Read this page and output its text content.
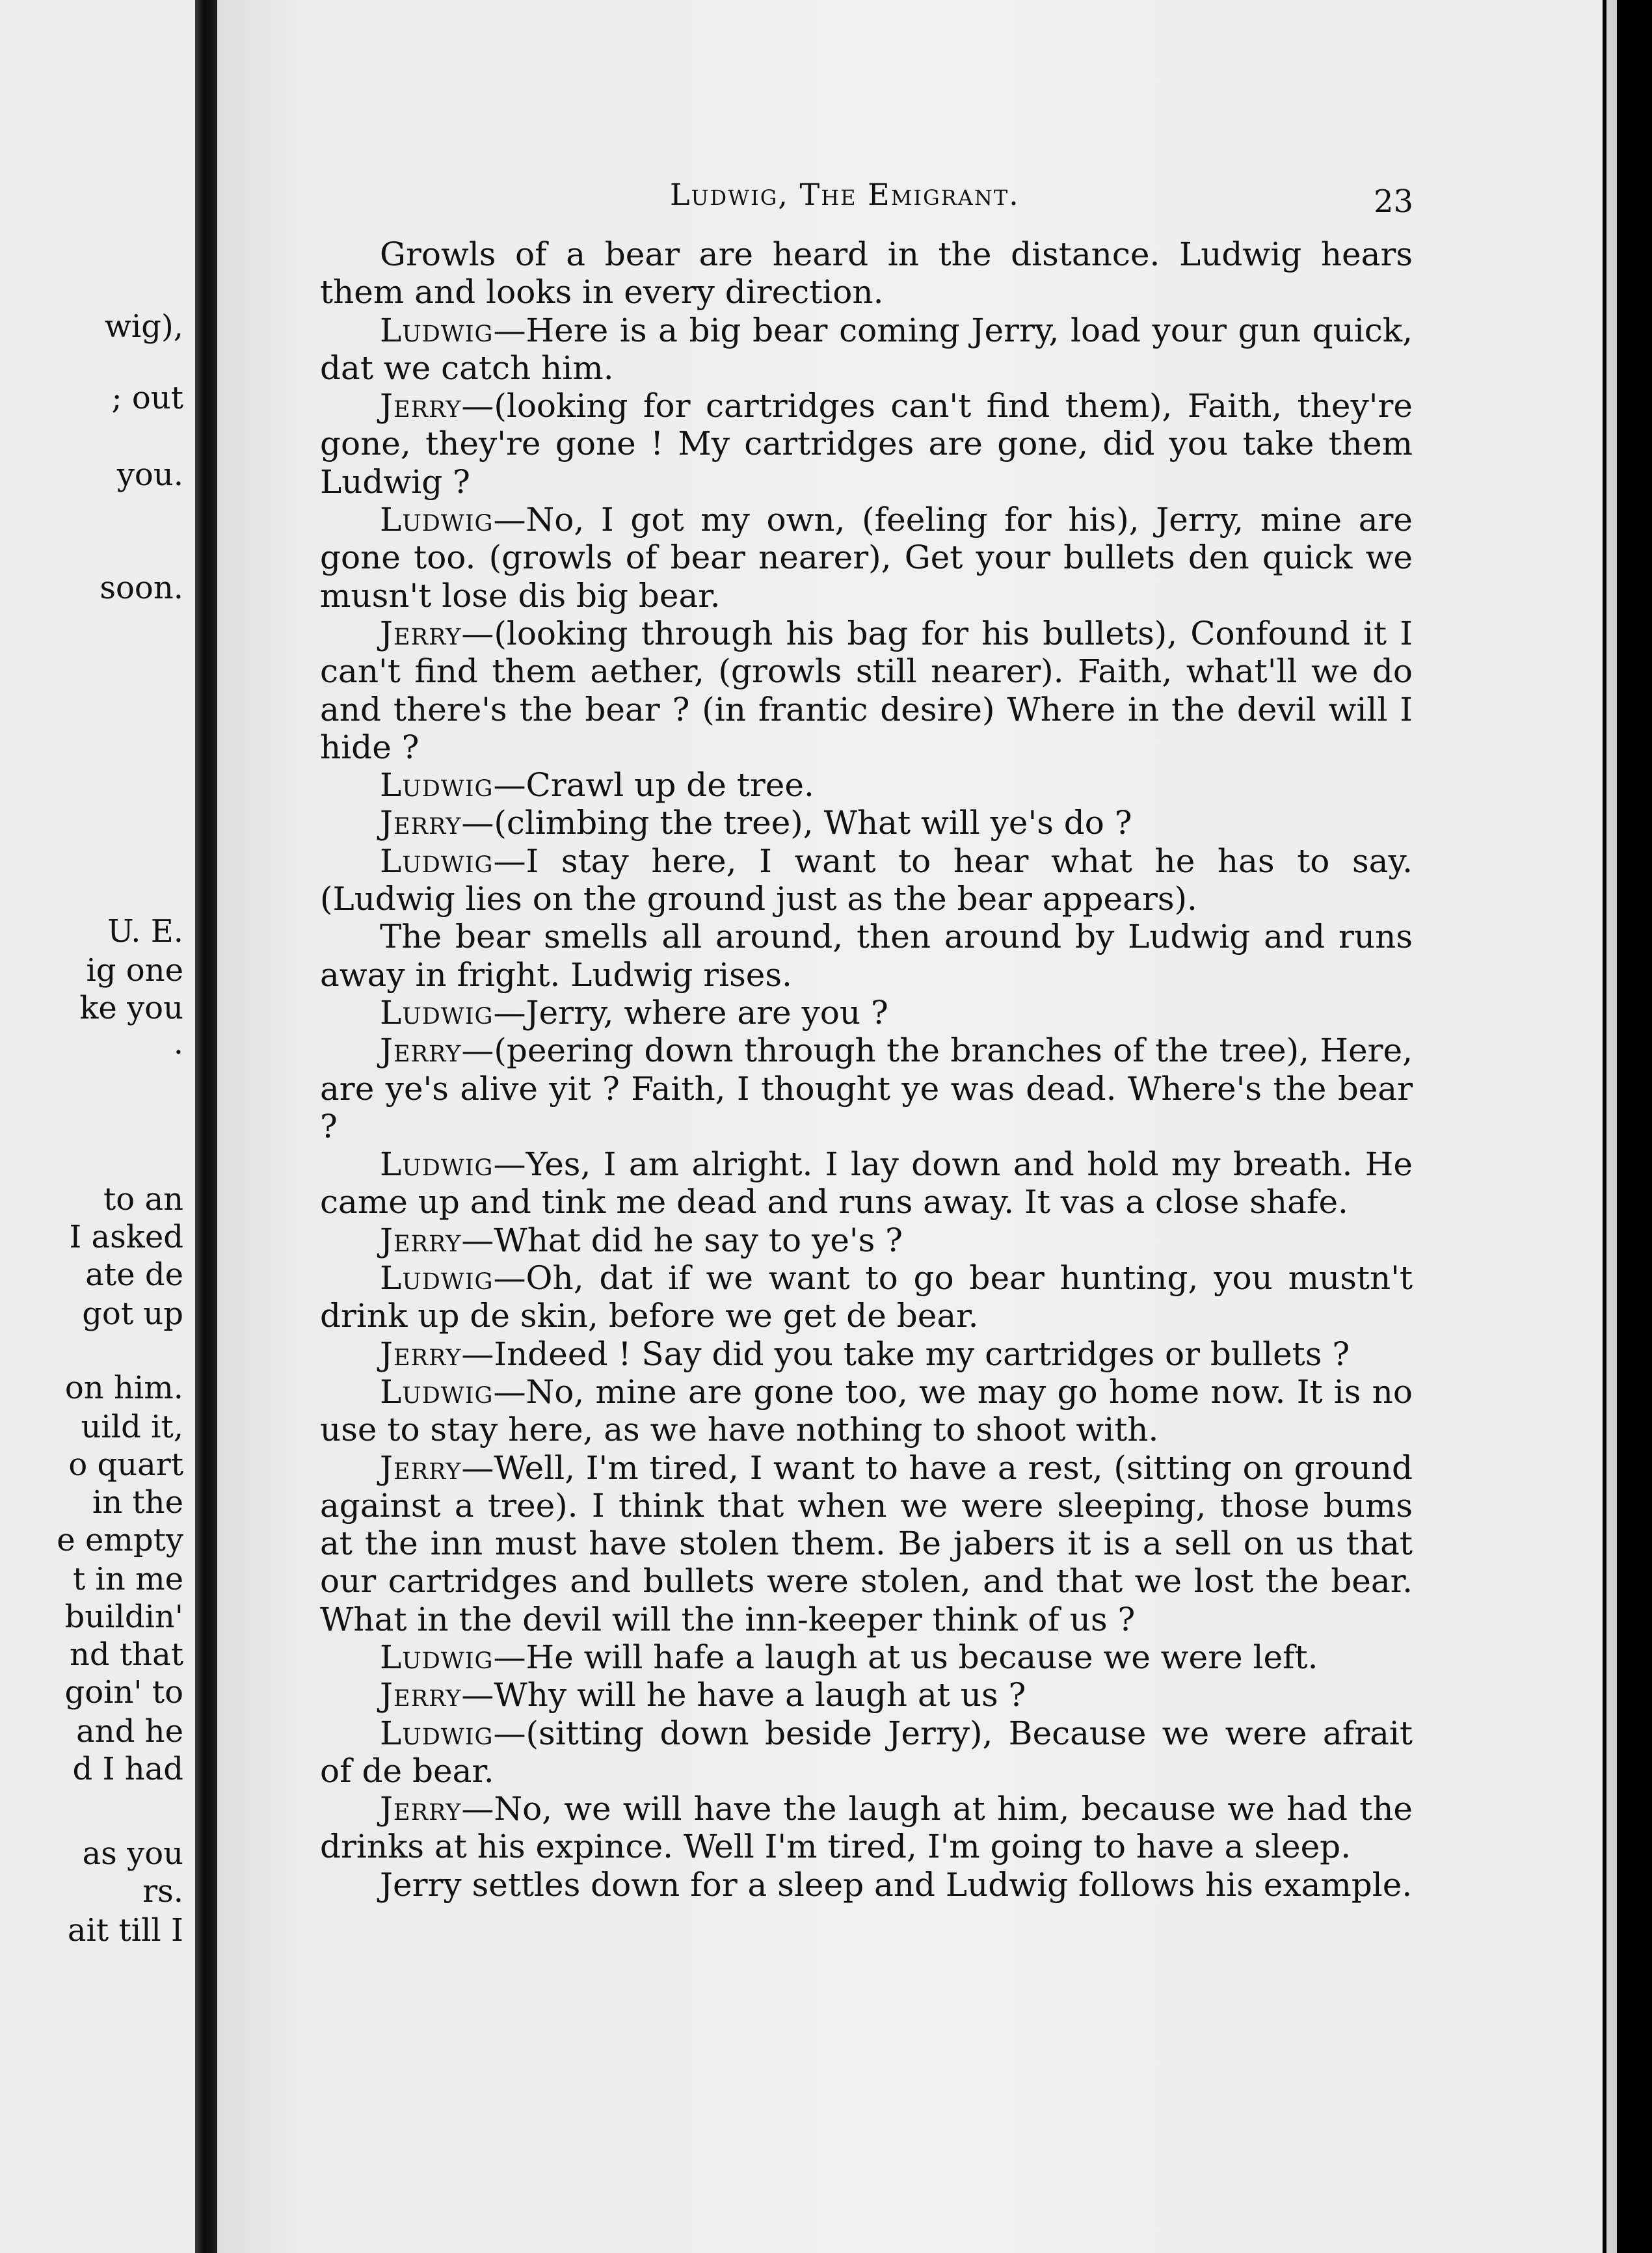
wig),
; out
you.
soon.
U. E.
ig one
ke you
.
to an
I asked
ate de
got up
on him.
uild it,
o quart
in the
e empty
t in me
buildin'
nd that
goin' to
and he
d I had
as you
rs.
ait till I
Ludwig, The Emigrant.	23

Growls of a bear are heard in the distance. Ludwig hears them and looks in every direction.

Ludwig—Here is a big bear coming Jerry, load your gun quick, dat we catch him.

Jerry—(looking for cartridges can't find them), Faith, they're gone, they're gone ! My cartridges are gone, did you take them Ludwig ?

Ludwig—No, I got my own, (feeling for his), Jerry, mine are gone too. (growls of bear nearer), Get your bullets den quick we musn't lose dis big bear.

Jerry—(looking through his bag for his bullets), Confound it I can't find them aether, (growls still nearer). Faith, what'll we do and there's the bear ? (in frantic desire) Where in the devil will I hide ?

Ludwig—Crawl up de tree.

Jerry—(climbing the tree), What will ye's do ?

Ludwig—I stay here, I want to hear what he has to say. (Ludwig lies on the ground just as the bear appears).

The bear smells all around, then around by Ludwig and runs away in fright. Ludwig rises.

Ludwig—Jerry, where are you ?

Jerry—(peering down through the branches of the tree), Here, are ye's alive yit ? Faith, I thought ye was dead. Where's the bear ?

Ludwig—Yes, I am alright. I lay down and hold my breath. He came up and tink me dead and runs away. It vas a close shafe.

Jerry—What did he say to ye's ?

Ludwig—Oh, dat if we want to go bear hunting, you mustn't drink up de skin, before we get de bear.

Jerry—Indeed ! Say did you take my cartridges or bullets ?

Ludwig—No, mine are gone too, we may go home now. It is no use to stay here, as we have nothing to shoot with.

Jerry—Well, I'm tired, I want to have a rest, (sitting on ground against a tree). I think that when we were sleeping, those bums at the inn must have stolen them. Be jabers it is a sell on us that our cartridges and bullets were stolen, and that we lost the bear. What in the devil will the inn-keeper think of us ?

Ludwig—He will hafe a laugh at us because we were left.

Jerry—Why will he have a laugh at us ?

Ludwig—(sitting down beside Jerry), Because we were afrait of de bear.

Jerry—No, we will have the laugh at him, because we had the drinks at his expince. Well I'm tired, I'm going to have a sleep.

Jerry settles down for a sleep and Ludwig follows his example.
